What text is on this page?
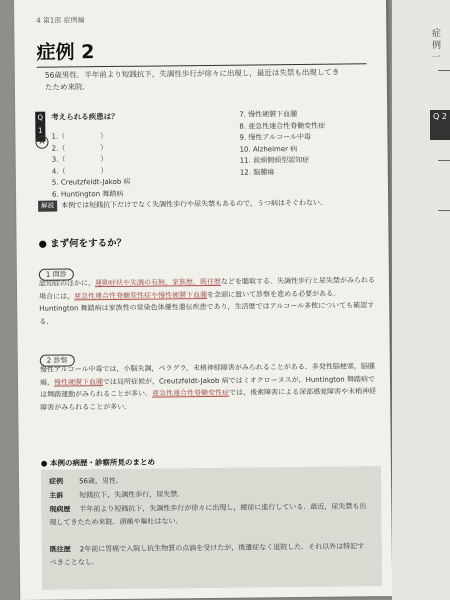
4 第1部 症例編
症例 2
56歳男性．半年前より短銭抗下，失調性歩行が徐々に出現し，最近は失禁も出現してきたため来院．
Q 1
考えられる疾患は？
A
1.（　　　　　）
2.（　　　　　）
3.（　　　　　）
4.（　　　　　）
5. Creutzfeldt-Jakob 病
6. Huntington 舞踏病
7. 慢性硬膜下血腫
8. 亜急性連合性脊髄変性症
9. 慢性アルコール中毒
10. Alzheimer 病
11. 前頭側頭型認知症
12. 脳腫瘍
解説 本例では短銭抗下だけでなく失調性歩行や尿失禁もあるので，うつ病はそぐわない．
● まず何をするか？
1 問診
認知症のほかに，運動症状や失調の有無，家族歴，既往歴などを聴取する．失調性歩行と尿失禁がみられる場合には，亜急性連合性脊髄変性症や慢性硬膜下血腫を念頭に置いて診察を進める必要がある．Huntington 舞踏病は家族性の常染色体優性遺伝疾患であり，生活歴ではアルコール多飲についても確認する．
2 診察
慢性アルコール中毒では，小脳失調，ペラグラ，末梢神経障害がみられることがある．多発性脳梗塞，脳腫瘍，慢性硬膜下血腫では局所症候が，Creutzfeldt-Jakob 病ではミオクローヌスが，Huntington 舞踏病では舞踏運動がみられることが多い．亜急性連合性脊髄変性症では，後索障害による深部感覚障害や末梢神経障害がみられることが多い．
● 本例の病歴・診察所見のまとめ
症例 56歳，男性．
主訴 短銭抗下，失調性歩行，尿失禁．
現病歴 半年前より短銭抗下，失調性歩行が徐々に出現し，緩徐に進行している．最近，尿失禁も出現してきたため来院．頭痛や嘔吐はない．
既往歴 2年前に胃癌で入院し抗生物質の点滴を受けたが，後遺症なく退院した．それ以外は特記すべきことなし．
症例一
Q 2
